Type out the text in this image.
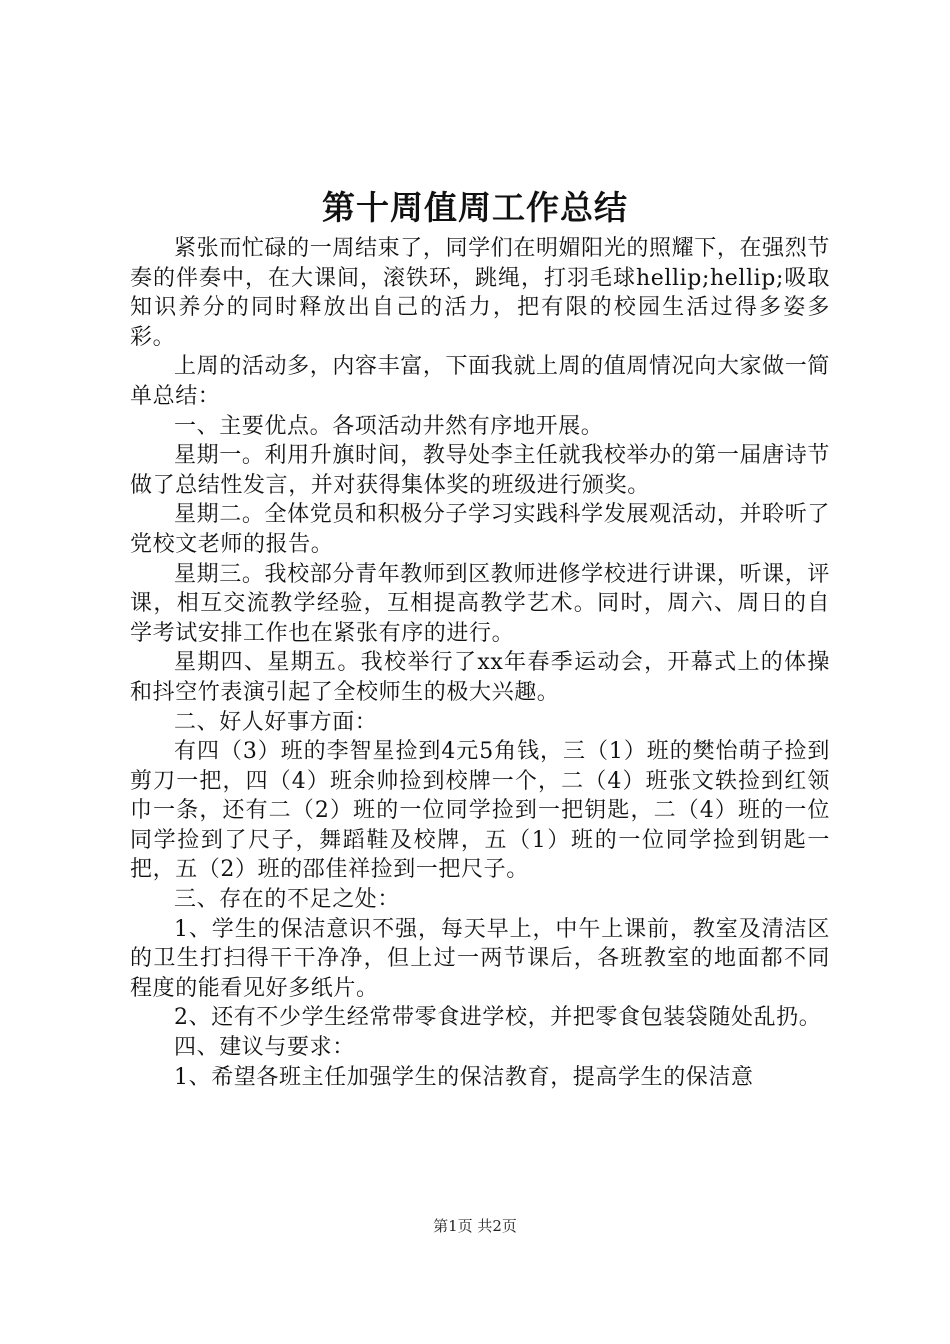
第十周值周工作总结

紧张而忙碌的一周结束了，同学们在明媚阳光的照耀下，在强烈节奏的伴奏中，在大课间，滚铁环，跳绳，打羽毛球hellip;hellip;吸取知识养分的同时释放出自己的活力，把有限的校园生活过得多姿多彩。

上周的活动多，内容丰富，下面我就上周的值周情况向大家做一简单总结：

一、主要优点。各项活动井然有序地开展。

星期一。利用升旗时间，教导处李主任就我校举办的第一届唐诗节做了总结性发言，并对获得集体奖的班级进行颁奖。

星期二。全体党员和积极分子学习实践科学发展观活动，并聆听了党校文老师的报告。

星期三。我校部分青年教师到区教师进修学校进行讲课，听课，评课，相互交流教学经验，互相提高教学艺术。同时，周六、周日的自学考试安排工作也在紧张有序的进行。

星期四、星期五。我校举行了xx年春季运动会，开幕式上的体操和抖空竹表演引起了全校师生的极大兴趣。

二、好人好事方面：

有四（3）班的李智星捡到4元5角钱，三（1）班的樊怡萌子捡到剪刀一把，四（4）班余帅捡到校牌一个，二（4）班张文轶捡到红领巾一条，还有二（2）班的一位同学捡到一把钥匙，二（4）班的一位同学捡到了尺子，舞蹈鞋及校牌，五（1）班的一位同学捡到钥匙一把，五（2）班的邵佳祥捡到一把尺子。

三、存在的不足之处：

1、学生的保洁意识不强，每天早上，中午上课前，教室及清洁区的卫生打扫得干干净净，但上过一两节课后，各班教室的地面都不同程度的能看见好多纸片。

2、还有不少学生经常带零食进学校，并把零食包装袋随处乱扔。

四、建议与要求：

1、希望各班主任加强学生的保洁教育，提高学生的保洁意

第1页 共2页
